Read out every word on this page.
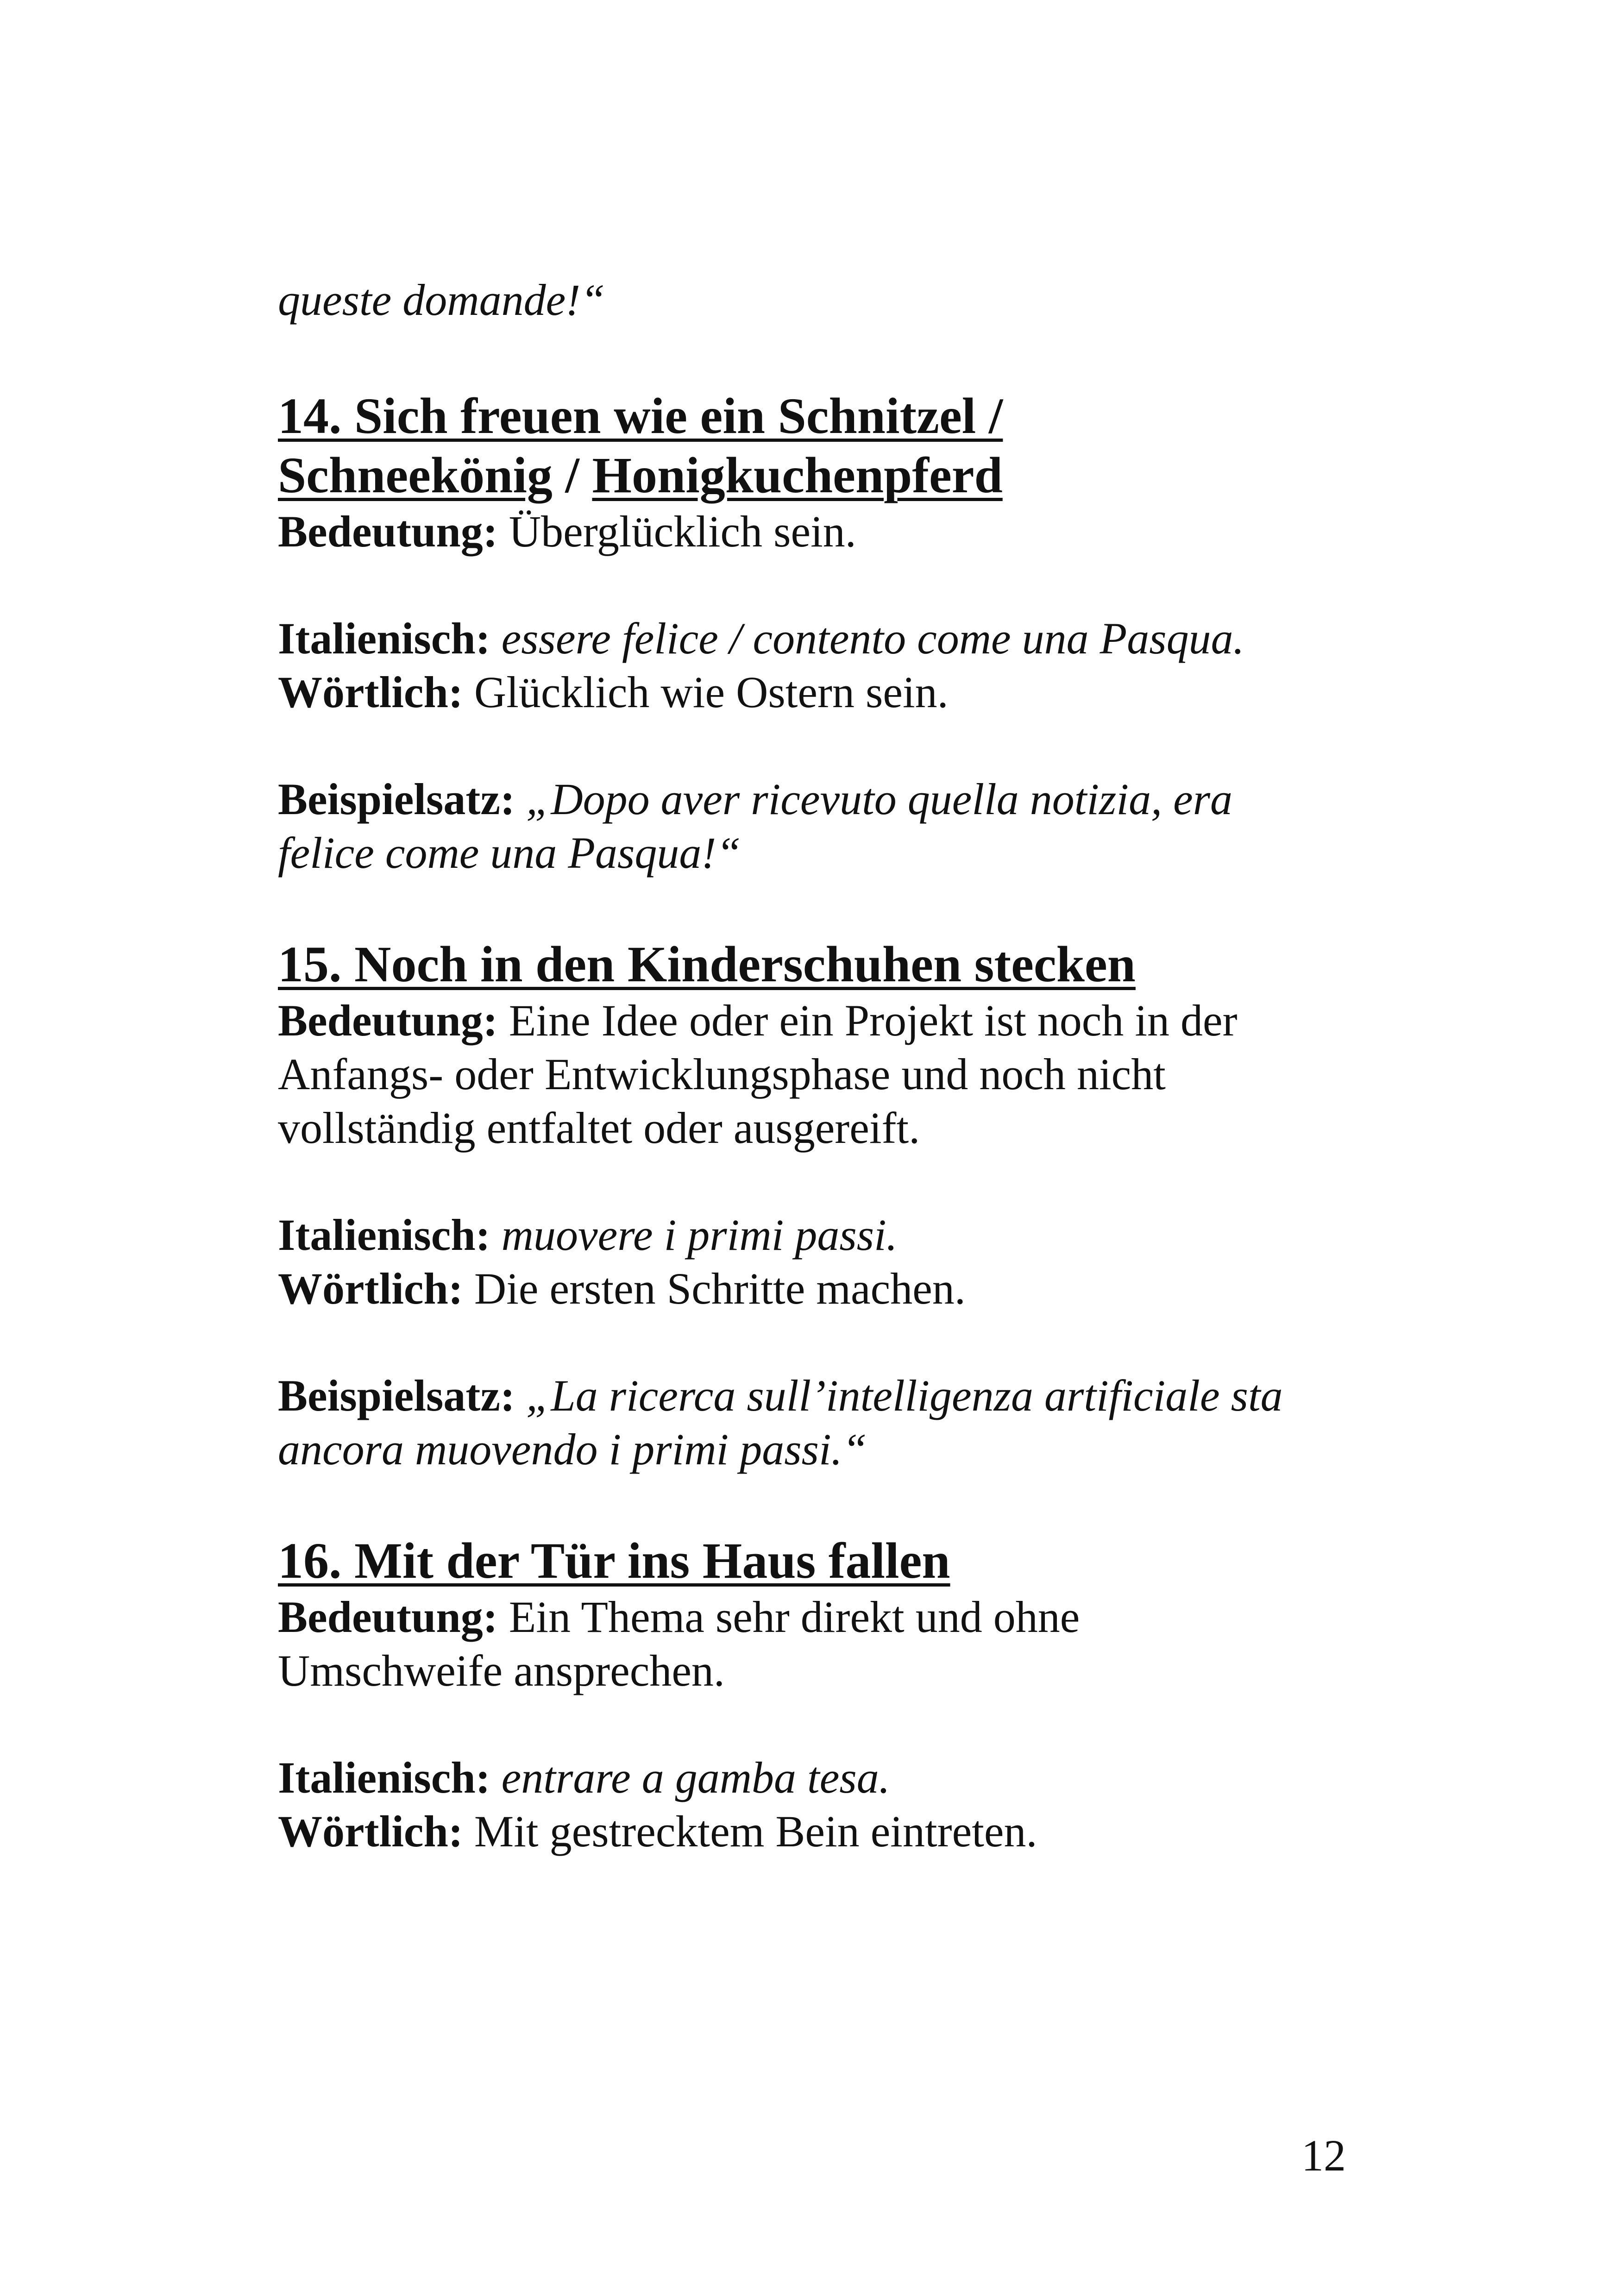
queste domande!“

14. Sich freuen wie ein Schnitzel /

Schneekönig / Honigkuchenpferd

Bedeutung: Überglücklich sein.

Italienisch: essere felice / contento come una Pasqua.

Wörtlich: Glücklich wie Ostern sein.

Beispielsatz: „Dopo aver ricevuto quella notizia, era

felice come una Pasqua!“

15. Noch in den Kinderschuhen stecken

Bedeutung: Eine Idee oder ein Projekt ist noch in der

Anfangs- oder Entwicklungsphase und noch nicht

vollständig entfaltet oder ausgereift.

Italienisch: muovere i primi passi.

Wörtlich: Die ersten Schritte machen.

Beispielsatz: „La ricerca sull’intelligenza artificiale sta

ancora muovendo i primi passi.“

16. Mit der Tür ins Haus fallen

Bedeutung: Ein Thema sehr direkt und ohne

Umschweife ansprechen.

Italienisch: entrare a gamba tesa.

Wörtlich: Mit gestrecktem Bein eintreten.

12
